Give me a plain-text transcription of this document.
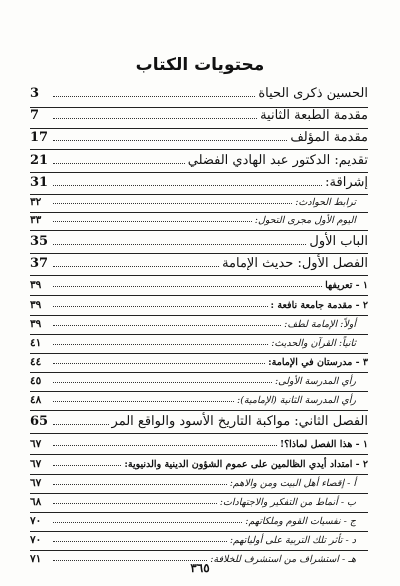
محتويات الكتاب
الحسين ذكرى الحياة
3
مقدمة الطبعة الثانية
7
مقدمة المؤلف
17
تقديم: الدكتور عبد الهادي الفضلي
21
إشراقة:
31
ترابط الحوادث:
٣٢
اليوم الأول مجرى التحول:
٣٣
الباب الأول
35
الفصل الأول: حديث الإمامة
37
١ - تعريفها
٣٩
٢ - مقدمة جامعة نافعة :
٣٩
أولاً: الإمامة لطف:
٣٩
ثانياً: القرآن والحديث:
٤١
٣ - مدرستان في الإمامة:
٤٤
رأي المدرسة الأولى:
٤٥
رأي المدرسة الثانية (الإمامية):
٤٨
الفصل الثاني: مواكبة التاريخ الأسود والواقع المر
65
١ - هذا الفصل لماذا؟!
٦٧
٢ - امتداد أيدي الظالمين على عموم الشؤون الدينية والدنيوية:
٦٧
أ - إقصاء أهل البيت ومن والاهم:
٦٧
ب - أنماط من التفكير والاجتهادات:
٦٨
ج - نفسيات القوم وملكاتهم:
٧٠
د - تأثر تلك التربية على أولياتهم:
٧٠
هـ - استشراف من استشرف للخلافة:
٧١
٣٦٥
